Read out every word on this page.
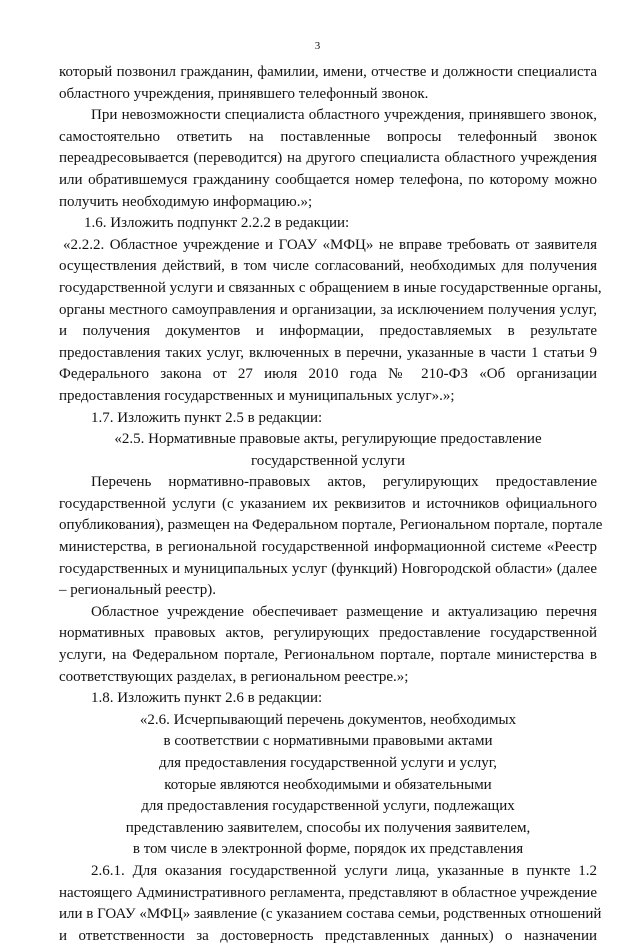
3
который позвонил гражданин, фамилии, имени, отчестве и должности специалиста
областного учреждения, принявшего телефонный звонок.
При невозможности специалиста областного учреждения, принявшего звонок,
самостоятельно ответить на поставленные вопросы телефонный звонок
переадресовывается (переводится) на другого специалиста областного учреждения
или обратившемуся гражданину сообщается номер телефона, по которому можно
получить необходимую информацию.»;
1.6. Изложить подпункт 2.2.2 в редакции:
«2.2.2. Областное учреждение и ГОАУ «МФЦ» не вправе требовать от заявителя
осуществления действий, в том числе согласований, необходимых для получения
государственной услуги и связанных с обращением в иные государственные органы,
органы местного самоуправления и организации, за исключением получения услуг,
и получения документов и информации, предоставляемых в результате
предоставления таких услуг, включенных в перечни, указанные в части 1 статьи 9
Федерального закона от 27 июля 2010 года № 210-ФЗ «Об организации
предоставления государственных и муниципальных услуг».»;
1.7. Изложить пункт 2.5 в редакции:
«2.5. Нормативные правовые акты, регулирующие предоставление
государственной услуги
Перечень нормативно-правовых актов, регулирующих предоставление
государственной услуги (с указанием их реквизитов и источников официального
опубликования), размещен на Федеральном портале, Региональном портале, портале
министерства, в региональной государственной информационной системе «Реестр
государственных и муниципальных услуг (функций) Новгородской области» (далее
– региональный реестр).
Областное учреждение обеспечивает размещение и актуализацию перечня
нормативных правовых актов, регулирующих предоставление государственной
услуги, на Федеральном портале, Региональном портале, портале министерства в
соответствующих разделах, в региональном реестре.»;
1.8. Изложить пункт 2.6 в редакции:
«2.6. Исчерпывающий перечень документов, необходимых
в соответствии с нормативными правовыми актами
для предоставления государственной услуги и услуг,
которые являются необходимыми и обязательными
для предоставления государственной услуги, подлежащих
представлению заявителем, способы их получения заявителем,
в том числе в электронной форме, порядок их представления
2.6.1. Для оказания государственной услуги лица, указанные в пункте 1.2
настоящего Административного регламента, представляют в областное учреждение
или в ГОАУ «МФЦ» заявление (с указанием состава семьи, родственных отношений
и ответственности за достоверность представленных данных) о назначении
